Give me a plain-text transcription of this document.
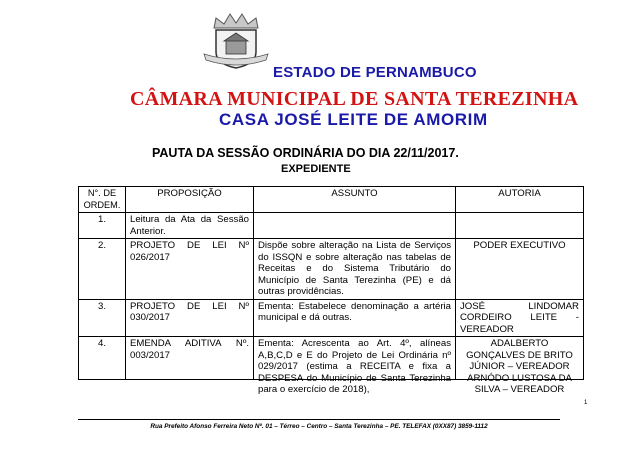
ESTADO DE PERNAMBUCO
CÂMARA MUNICIPAL DE SANTA TEREZINHA
CASA JOSÉ LEITE DE AMORIM
PAUTA DA SESSÃO ORDINÁRIA DO DIA 22/11/2017.
EXPEDIENTE
N°. DE ORDEM.	PROPOSIÇÃO	ASSUNTO	AUTORIA
1.	Leitura da Ata da Sessão Anterior.		
2.	PROJETO DE LEI Nº 026/2017	Dispõe sobre alteração na Lista de Serviços do ISSQN e sobre alteração nas tabelas de Receitas e do Sistema Tributário do Município de Santa Terezinha (PE) e dá outras providências.	PODER EXECUTIVO
3.	PROJETO DE LEI Nº 030/2017	Ementa: Estabelece denominação a artéria municipal e dá outras.	JOSÉ LINDOMAR CORDEIRO LEITE - VEREADOR
4.	EMENDA ADITIVA Nº. 003/2017	Ementa: Acrescenta ao Art. 4º, alíneas A,B,C,D e E do Projeto de Lei Ordinária nº 029/2017 (estima a RECEITA e fixa a DESPESA do Município de Santa Terezinha para o exercício de 2018),	ADALBERTO GONÇALVES DE BRITO JÚNIOR – VEREADOR ARNÓDO LUSTOSA DA SILVA – VEREADOR
1
Rua Prefeito Afonso Ferreira Neto Nº. 01 – Térreo – Centro – Santa Terezinha – PE. TELEFAX (0XX87) 3859-1112
